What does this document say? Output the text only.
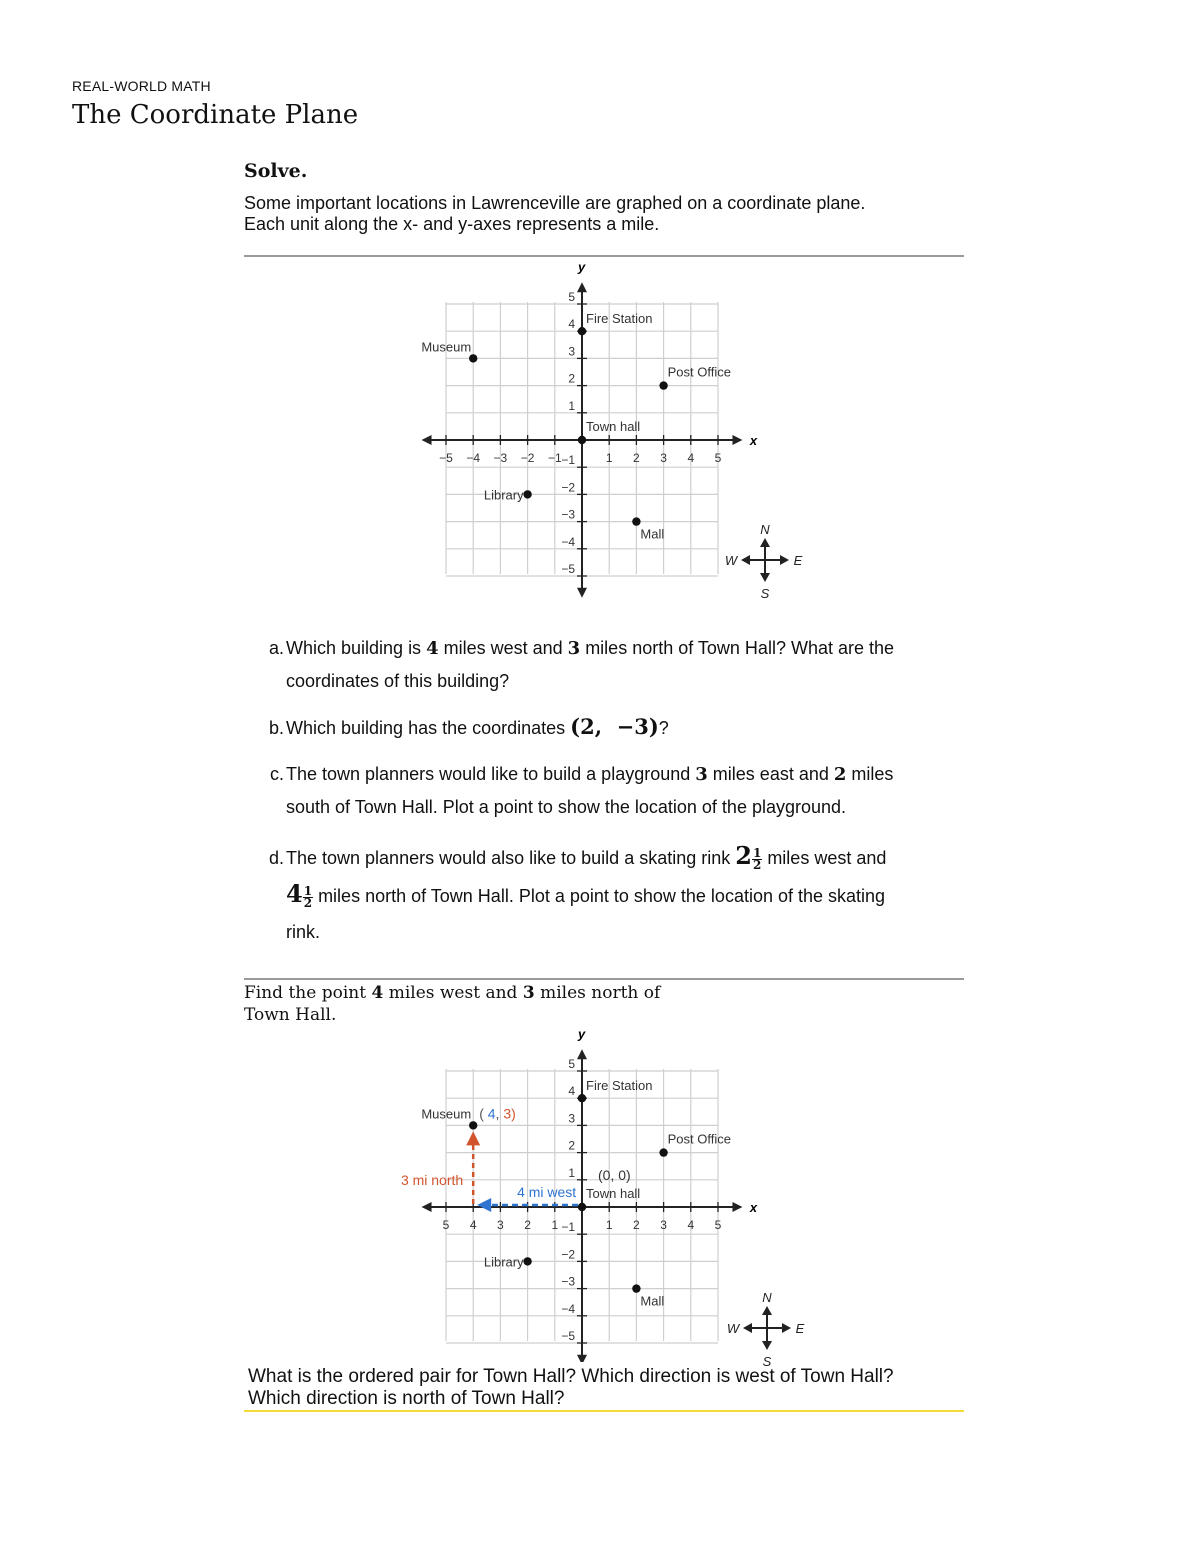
REAL-WORLD MATH
The Coordinate Plane
Solve.
Some important locations in Lawrenceville are graphed on a coordinate plane.
Each unit along the x- and y-axes represents a mile.
x
y
−5 −4 −3 −2 −1	1 2 3 4 5
5
4
3
2
1
−1
−2
−3
−4
−5
Fire Station
Museum
Post Office
Town hall
Library
Mall	N
S
W	E
a. Which building is 4 miles west and 3 miles north of Town Hall? What are the
coordinates of this building?
b. Which building has the coordinates (2,  −3)?
c. The town planners would like to build a playground 3 miles east and 2 miles
south of Town Hall. Plot a point to show the location of the playground.
d. The town planners would also like to build a skating rink $2 \frac{1}{2}$ miles west and
$4 \frac{1}{2}$ miles north of Town Hall. Plot a point to show the location of the skating
rink.
Find the point 4 miles west and 3 miles north of
Town Hall.
x
y
5 4 3 2 1	1 2 3 4 5
5
4
3
2
1
−1
−2
−3
−4
−5
Fire Station
Museum
Post Office
Town hall
Library
Mall
3 mi north
4 mi west
( 4, 3)
(0, 0)
N
S
W	E
What is the ordered pair for Town Hall? Which direction is west of Town Hall?
Which direction is north of Town Hall?
